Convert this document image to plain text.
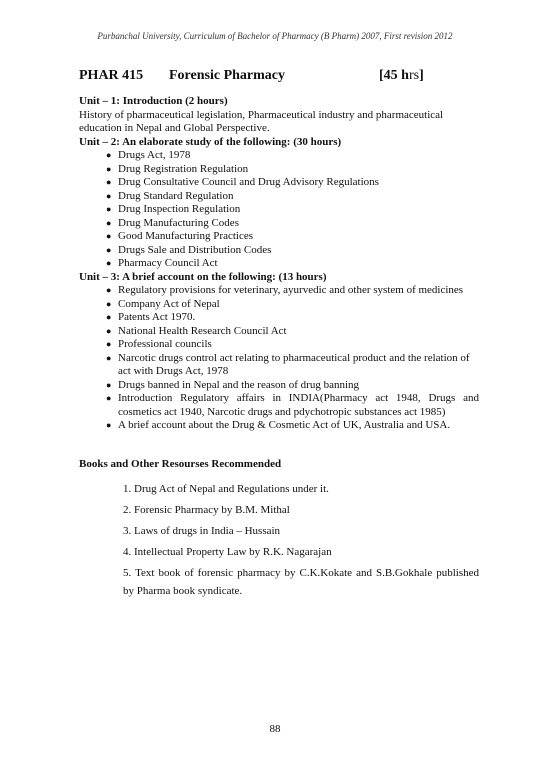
Purbanchal University, Curriculum of Bachelor of Pharmacy (B Pharm) 2007, First revision 2012
PHAR 415 Forensic Pharmacy	[45 hrs]
Unit – 1: Introduction (2 hours)
History of pharmaceutical legislation, Pharmaceutical industry and pharmaceutical education in Nepal and Global Perspective.
Unit – 2: An elaborate study of the following: (30 hours)
● Drugs Act, 1978
● Drug Registration Regulation
● Drug Consultative Council and Drug Advisory Regulations
● Drug Standard Regulation
● Drug Inspection Regulation
● Drug Manufacturing Codes
● Good Manufacturing Practices
● Drugs Sale and Distribution Codes
● Pharmacy Council Act
Unit – 3: A brief account on the following: (13 hours)
● Regulatory provisions for veterinary, ayurvedic and other system of medicines
● Company Act of Nepal
● Patents Act 1970.
● National Health Research Council Act
● Professional councils
● Narcotic drugs control act relating to pharmaceutical product and the relation of act with Drugs Act, 1978
● Drugs banned in Nepal and the reason of drug banning
● Introduction Regulatory affairs in INDIA(Pharmacy act 1948, Drugs and cosmetics act 1940, Narcotic drugs and pdychotropic substances act 1985)
● A brief account about the Drug & Cosmetic Act of UK, Australia and USA.
Books and Other Resourses Recommended
1. Drug Act of Nepal and Regulations under it.
2. Forensic Pharmacy by B.M. Mithal
3. Laws of drugs in India – Hussain
4. Intellectual Property Law by R.K. Nagarajan
5. Text book of forensic pharmacy by C.K.Kokate and S.B.Gokhale published by Pharma book syndicate.
88
